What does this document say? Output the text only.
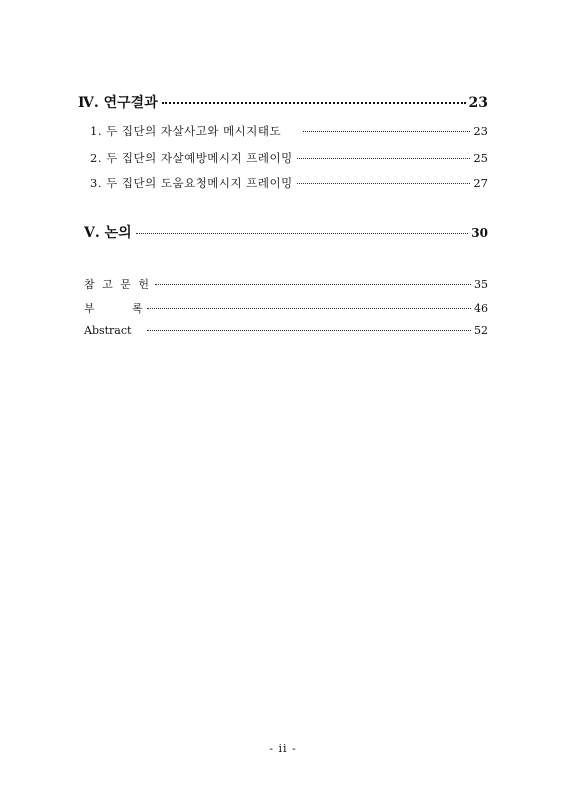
Ⅳ. 연구결과	23
1. 두 집단의 자살사고와 메시지태도	23
2. 두 집단의 자살예방메시지 프레이밍	25
3. 두 집단의 도움요청메시지 프레이밍	27
Ⅴ. 논의	30
참 고 문 헌	35
부 록	46
Abstract	52
- ii -
